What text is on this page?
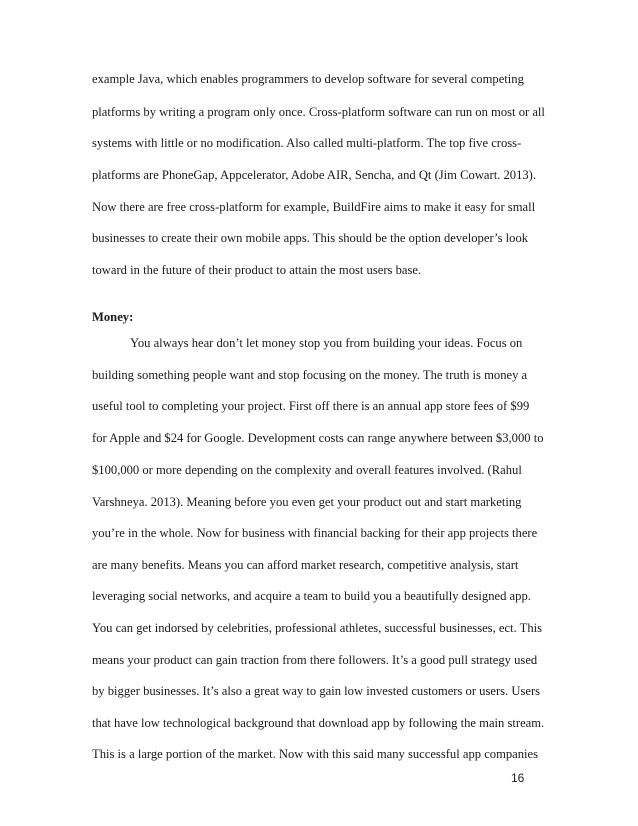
example Java, which enables programmers to develop software for several competing
platforms by writing a program only once. Cross-platform software can run on most or all
systems with little or no modification. Also called multi-platform. The top five cross-
platforms are PhoneGap, Appcelerator, Adobe AIR, Sencha, and Qt (Jim Cowart. 2013).
Now there are free cross-platform for example, BuildFire aims to make it easy for small
businesses to create their own mobile apps. This should be the option developer’s look
toward in the future of their product to attain the most users base.
Money:
You always hear don’t let money stop you from building your ideas. Focus on
building something people want and stop focusing on the money. The truth is money a
useful tool to completing your project. First off there is an annual app store fees of $99
for Apple and $24 for Google. Development costs can range anywhere between $3,000 to
$100,000 or more depending on the complexity and overall features involved. (Rahul
Varshneya. 2013). Meaning before you even get your product out and start marketing
you’re in the whole. Now for business with financial backing for their app projects there
are many benefits. Means you can afford market research, competitive analysis, start
leveraging social networks, and acquire a team to build you a beautifully designed app.
You can get indorsed by celebrities, professional athletes, successful businesses, ect. This
means your product can gain traction from there followers. It’s a good pull strategy used
by bigger businesses. It’s also a great way to gain low invested customers or users. Users
that have low technological background that download app by following the main stream.
This is a large portion of the market. Now with this said many successful app companies
16
